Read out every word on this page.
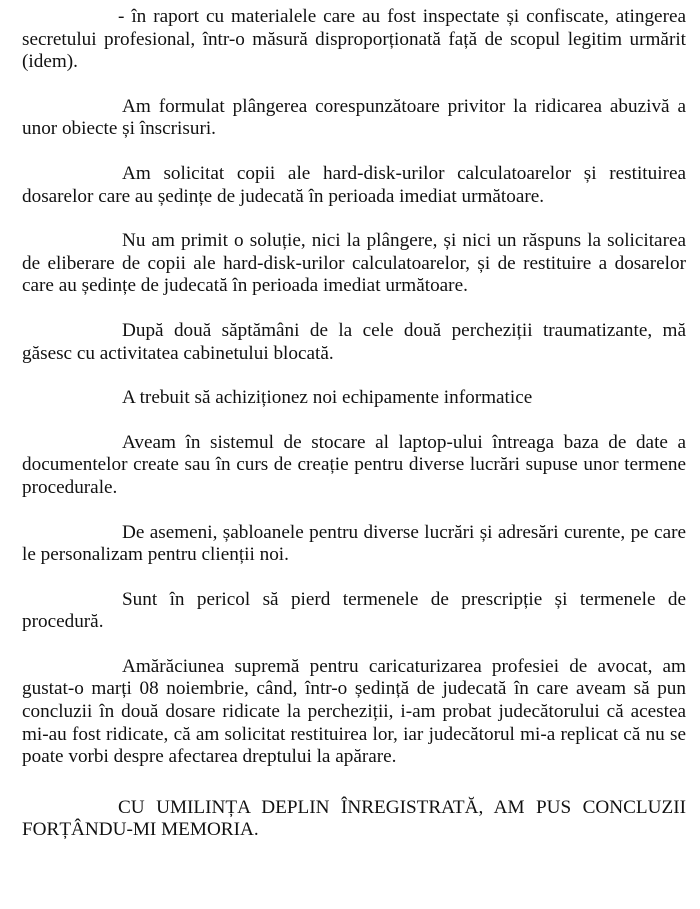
- în raport cu materialele care au fost inspectate și confiscate, atingerea secretului profesional, într-o măsură disproporționată față de scopul legitim urmărit (idem).

Am formulat plângerea corespunzătoare privitor la ridicarea abuzivă a unor obiecte și înscrisuri.

Am solicitat copii ale hard-disk-urilor calculatoarelor și restituirea dosarelor care au ședințe de judecată în perioada imediat următoare.

Nu am primit o soluție, nici la plângere, și nici un răspuns la solicitarea de eliberare de copii ale hard-disk-urilor calculatoarelor, și de restituire a dosarelor care au ședințe de judecată în perioada imediat următoare.

După două săptămâni de la cele două percheziții traumatizante, mă găsesc cu activitatea cabinetului blocată.

A trebuit să achiziționez noi echipamente informatice

Aveam în sistemul de stocare al laptop-ului întreaga baza de date a documentelor create sau în curs de creație pentru diverse lucrări supuse unor termene procedurale.

De asemeni, șabloanele pentru diverse lucrări și adresări curente, pe care le personalizam pentru clienții noi.

Sunt în pericol să pierd termenele de prescripție și termenele de procedură.

Amărăciunea supremă pentru caricaturizarea profesiei de avocat, am gustat-o marți 08 noiembrie, când, într-o ședință de judecată în care aveam să pun concluzii în două dosare ridicate la percheziții, i-am probat judecătorului că acestea mi-au fost ridicate, că am solicitat restituirea lor, iar judecătorul mi-a replicat că nu se poate vorbi despre afectarea dreptului la apărare.

CU UMILINȚA DEPLIN ÎNREGISTRATĂ, AM PUS CONCLUZII FORȚÂNDU-MI MEMORIA.
